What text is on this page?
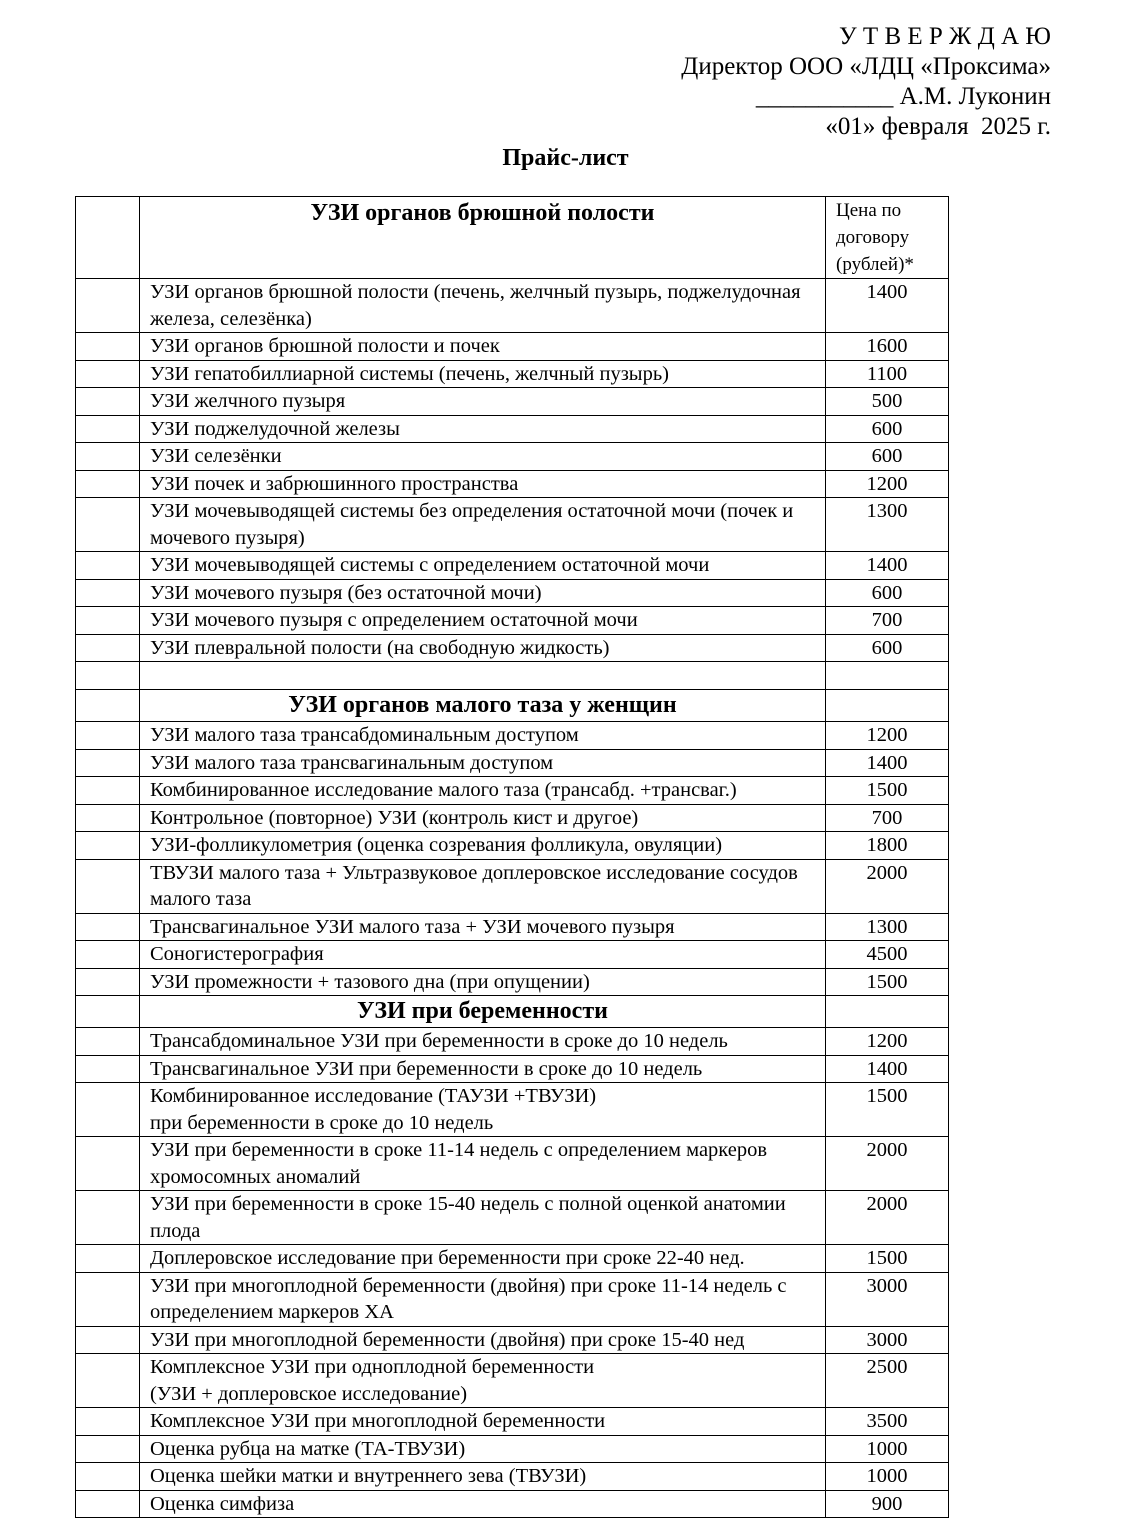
У Т В Е Р Ж Д А Ю
Директор ООО «ЛДЦ «Проксима»
___________ А.М. Луконин
«01» февраля  2025 г.
Прайс-лист
	УЗИ органов брюшной полости	Цена по договору (рублей)*
	УЗИ органов брюшной полости (печень, желчный пузырь, поджелудочная железа, селезёнка)	1400
	УЗИ органов брюшной полости и почек	1600
	УЗИ гепатобиллиарной системы (печень, желчный пузырь)	1100
	УЗИ желчного пузыря	500
	УЗИ поджелудочной железы	600
	УЗИ селезёнки	600
	УЗИ почек и забрюшинного пространства	1200
	УЗИ мочевыводящей системы без определения остаточной мочи (почек и мочевого пузыря)	1300
	УЗИ мочевыводящей системы с определением остаточной мочи	1400
	УЗИ мочевого пузыря (без остаточной мочи)	600
	УЗИ мочевого пузыря с определением остаточной мочи	700
	УЗИ плевральной полости (на свободную жидкость)	600

	УЗИ органов малого таза у женщин	
	УЗИ малого таза трансабдоминальным доступом	1200
	УЗИ малого таза трансвагинальным доступом	1400
	Комбинированное исследование малого таза (трансабд. +трансваг.)	1500
	Контрольное (повторное) УЗИ (контроль кист и другое)	700
	УЗИ-фолликулометрия (оценка созревания фолликула, овуляции)	1800
	ТВУЗИ малого таза + Ультразвуковое доплеровское исследование сосудов малого таза	2000
	Трансвагинальное УЗИ малого таза + УЗИ мочевого пузыря	1300
	Соногистерография	4500
	УЗИ промежности + тазового дна (при опущении)	1500
	УЗИ при беременности	
	Трансабдоминальное УЗИ при беременности в сроке до 10 недель	1200
	Трансвагинальное УЗИ при беременности в сроке до 10 недель	1400
	Комбинированное исследование (ТАУЗИ +ТВУЗИ)
при беременности в сроке до 10 недель	1500
	УЗИ при беременности в сроке 11-14 недель с определением маркеров хромосомных аномалий	2000
	УЗИ при беременности в сроке 15-40 недель с полной оценкой анатомии плода	2000
	Доплеровское исследование при беременности при сроке 22-40 нед.	1500
	УЗИ при многоплодной беременности (двойня) при сроке 11-14 недель с определением маркеров ХА	3000
	УЗИ при многоплодной беременности (двойня) при сроке 15-40 нед	3000
	Комплексное УЗИ при одноплодной беременности
(УЗИ + доплеровское исследование)	2500
	Комплексное УЗИ при многоплодной беременности	3500
	Оценка рубца на матке (ТА-ТВУЗИ)	1000
	Оценка шейки матки и внутреннего зева (ТВУЗИ)	1000
	Оценка симфиза	900
